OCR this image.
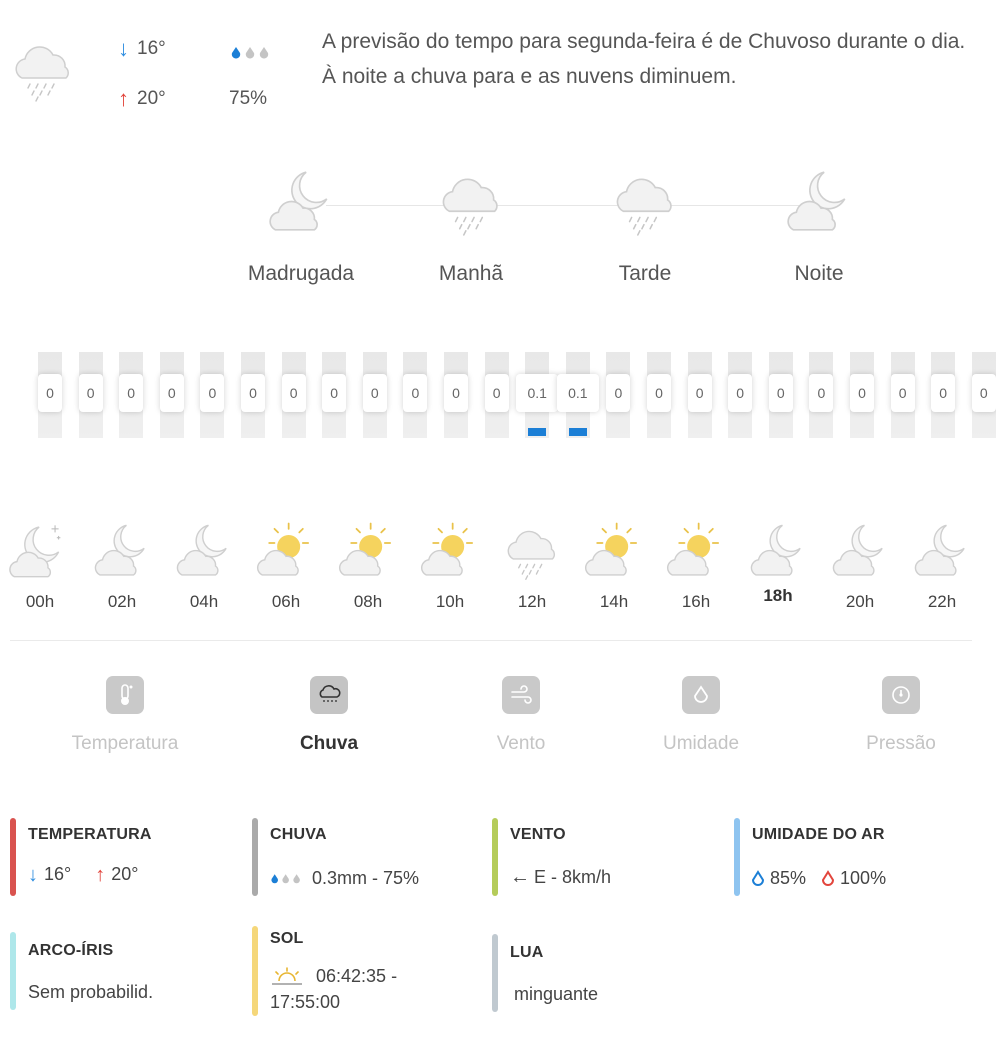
↓ 16°
↑ 20°	75%
A previsão do tempo para segunda-feira é de Chuvoso durante o dia. À noite a chuva para e as nuvens diminuem.
Madrugada	Manhã	Tarde	Noite
0	0	0	0	0	0	0	0	0	0	0	0	0.1	0.1	0	0	0	0	0	0	0	0	0	0
00h	02h	04h	06h	08h	10h	12h	14h	16h	18h	20h	22h
Temperatura	Chuva	Vento	Umidade	Pressão
TEMPERATURA
↓ 16° ↑ 20°
CHUVA
0.3mm - 75%
VENTO
← E - 8km/h
UMIDADE DO AR
85% 100%
ARCO-ÍRIS
Sem probabilid.
SOL
06:42:35 -
17:55:00
LUA
minguante
